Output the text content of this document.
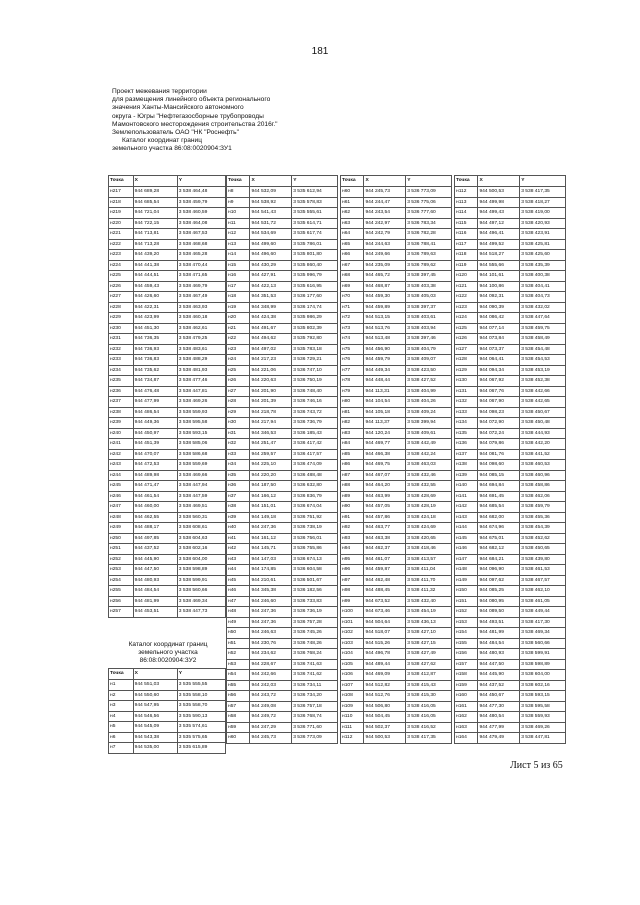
181
Проект межевания территории
для размещения линейного объекта регионального
значения Ханты-Мансийского автономного
округа - Югры "Нефтегазосборные трубопроводы
Мамонтовского месторождения строительства 2016г."
Землепользователь ОАО "НК "Роснефть"
Каталог координат границ
земельного участка 86:08:0020904:ЗУ1
Точка	X	Y
н217	944 689,28	3 538 464,48
н218	944 685,54	3 538 459,79
н219	944 721,04	3 538 460,59
н220	944 722,15	3 538 464,08
н221	944 713,81	3 538 467,53
н222	944 713,28	3 538 468,68
н223	944 439,20	3 538 465,28
н224	944 441,38	3 538 470,44
н225	944 444,51	3 538 471,65
н226	944 459,43	3 538 469,79
н227	944 426,60	3 538 467,49
н228	944 422,31	3 538 463,93
н229	944 423,99	3 538 460,18
н230	944 451,30	3 538 462,61
н231	944 736,35	3 538 479,25
н232	944 736,93	3 538 483,61
н233	944 736,83	3 538 488,29
н234	944 735,62	3 538 481,93
н235	944 734,87	3 538 477,46
н236	944 476,48	3 538 447,81
н237	944 477,99	3 538 469,26
н238	944 486,54	3 538 559,93
н239	944 449,36	3 538 595,58
н240	944 450,97	3 538 593,15
н241	944 451,39	3 538 585,06
н242	944 470,07	3 538 586,68
н243	944 472,53	3 538 559,69
н244	944 489,98	3 538 469,66
н245	944 471,47	3 538 447,94
н246	944 461,54	3 538 447,59
н247	944 460,00	3 538 469,51
н248	944 462,55	3 538 560,31
н249	944 488,17	3 538 608,61
н250	944 497,85	3 538 604,63
н251	944 437,52	3 538 602,16
н252	944 445,90	3 538 604,00
н253	944 447,50	3 538 598,89
н254	944 480,93	3 538 599,91
н255	944 484,54	3 538 560,66
н256	944 481,99	3 538 469,34
н257	944 453,51	3 538 447,73
Каталог координат границ
земельного участка
86:08:0020904:ЗУ2
Точка	X	Y
н1	944 551,03	3 535 555,55
н2	944 550,60	3 535 558,10
н3	944 547,95	3 535 558,70
н4	944 546,56	3 535 590,13
н5	944 545,09	3 535 574,61
н6	944 543,38	3 535 575,65
н7	944 535,00	3 535 615,89
Точка	X	Y
н8	944 532,09	3 535 612,94
н9	944 538,92	3 535 578,83
н10	944 541,43	3 535 555,61
н11	944 531,72	3 535 614,71
н12	944 534,69	3 535 617,74
н13	944 499,60	3 535 786,01
н14	944 496,60	3 535 801,80
н15	944 430,29	3 535 860,40
н16	944 427,91	3 535 996,79
н17	944 422,13	3 535 616,95
н18	944 351,53	3 536 177,60
н19	944 348,99	3 536 174,74
н20	944 424,38	3 535 986,29
н21	944 491,67	3 535 802,39
н22	944 494,62	3 535 792,80
н23	944 497,02	3 535 783,18
н24	944 217,23	3 536 729,21
н25	944 221,06	3 536 747,10
н26	944 220,63	3 536 750,19
н27	944 201,90	3 536 748,40
н28	944 201,39	3 536 746,16
н29	944 218,78	3 536 743,72
н30	944 217,94	3 536 736,79
н31	944 346,53	3 536 185,43
н32	944 251,47	3 536 417,42
н33	944 259,57	3 536 417,57
н34	944 225,10	3 536 474,09
н35	944 220,20	3 536 488,48
н36	944 187,50	3 536 632,80
н37	944 166,12	3 536 836,79
н38	944 151,01	3 536 674,04
н39	944 149,18	3 536 751,92
н40	944 247,36	3 536 738,19
н41	944 161,12	3 536 756,01
н42	944 145,71	3 536 755,86
н43	944 147,03	3 536 674,13
н44	944 174,85	3 536 604,58
н45	944 210,61	3 536 501,67
н46	944 345,38	3 536 182,56
н47	944 246,60	3 536 733,83
н48	944 247,36	3 536 736,19
н49	944 247,36	3 536 757,28
н50	944 246,63	3 536 745,26
н51	944 230,76	3 536 748,26
н52	944 234,62	3 536 768,24
н53	944 228,67	3 536 741,63
н54	944 242,66	3 536 741,62
н55	944 242,03	3 536 734,11
н56	944 243,72	3 536 734,20
н57	944 249,08	3 536 757,18
н58	944 249,72	3 536 768,74
н59	944 247,29	3 536 771,60
н60	944 245,73	3 536 773,09
Точка	X	Y
н60	944 245,73	3 536 773,09
н61	944 244,47	3 536 775,06
н62	944 243,54	3 536 777,60
н63	944 242,97	3 536 783,34
н64	944 242,79	3 536 782,28
н65	944 244,63	3 536 788,41
н66	944 249,66	3 536 789,63
н67	944 235,09	3 536 789,62
н68	944 465,72	3 538 397,45
н69	944 468,87	3 538 403,38
н70	944 459,30	3 538 405,03
н71	944 459,89	3 538 397,37
н72	944 513,15	3 538 403,61
н73	944 513,76	3 538 403,94
н74	944 513,48	3 538 397,46
н75	944 456,90	3 538 404,79
н76	944 459,79	3 538 409,07
н77	944 449,34	3 538 423,50
н78	944 448,44	3 538 427,52
н79	944 113,31	3 538 404,99
н80	944 104,54	3 538 404,26
н81	944 105,18	3 538 409,24
н82	944 113,37	3 538 399,94
н83	944 120,24	3 538 409,61
н84	944 469,77	3 538 442,49
н85	944 466,38	3 538 442,24
н86	944 469,75	3 538 463,03
н87	944 467,07	3 538 432,46
н88	944 464,20	3 538 432,55
н89	944 463,99	3 538 428,69
н90	944 457,05	3 538 428,19
н91	944 457,86	3 538 424,18
н92	944 463,77	3 538 424,69
н93	944 463,38	3 538 420,65
н94	944 462,37	3 538 418,46
н95	944 461,07	3 538 413,57
н96	944 459,87	3 538 411,04
н97	944 462,48	3 538 411,70
н98	944 488,45	3 538 411,32
н99	944 673,52	3 538 432,40
н100	944 673,46	3 538 454,19
н101	944 504,64	3 538 436,13
н102	944 518,07	3 538 427,10
н103	944 515,26	3 538 427,15
н104	944 496,78	3 538 427,49
н105	944 489,44	3 538 427,62
н106	944 469,09	3 538 412,87
н107	944 512,82	3 538 415,43
н108	944 512,76	3 538 415,30
н109	944 506,80	3 538 416,05
н110	944 504,45	3 538 416,05
н111	944 502,37	3 538 416,52
н112	944 500,53	3 538 417,35
Точка	X	Y
н112	944 500,53	3 538 417,35
н113	944 499,98	3 538 418,27
н114	944 499,43	3 538 419,00
н115	944 497,12	3 538 420,93
н116	944 496,41	3 538 423,91
н117	944 499,52	3 538 425,81
н118	944 518,27	3 538 425,60
н119	944 555,66	3 538 435,39
н120	944 101,61	3 538 400,38
н121	944 100,86	3 538 404,41
н122	944 092,31	3 538 404,73
н123	944 090,39	3 538 432,02
н124	944 086,42	3 538 447,64
н125	944 077,14	3 538 459,75
н126	944 073,84	3 538 458,49
н127	944 073,37	3 538 454,48
н128	944 064,41	3 538 454,53
н129	944 094,34	3 538 453,19
н130	944 067,92	3 538 452,38
н131	944 067,76	3 538 442,66
н132	944 067,90	3 538 442,65
н133	944 098,23	3 538 450,67
н134	944 072,90	3 538 450,48
н135	944 072,24	3 538 444,93
н136	944 079,86	3 538 442,20
н137	944 081,76	3 538 441,52
н138	944 098,60	3 538 460,53
н139	944 085,15	3 538 460,96
н140	944 694,84	3 538 458,86
н141	944 691,45	3 538 462,06
н142	944 685,54	3 538 459,79
н143	944 682,00	3 538 455,36
н144	944 674,96	3 538 454,39
н145	944 675,01	3 538 452,62
н146	944 682,12	3 538 450,65
н147	944 684,21	3 538 439,80
н148	944 096,90	3 538 461,53
н149	944 097,62	3 538 467,57
н150	944 085,25	3 538 462,10
н151	944 080,95	3 538 461,05
н152	944 089,50	3 538 449,44
н153	944 493,51	3 538 417,30
н154	944 481,99	3 538 469,34
н155	944 484,54	3 538 560,66
н156	944 480,93	3 538 599,91
н157	944 447,50	3 538 598,89
н158	944 445,90	3 538 604,00
н159	944 437,52	3 538 602,16
н160	944 450,67	3 538 593,15
н161	944 477,30	3 538 595,58
н162	944 480,54	3 538 559,93
н163	944 477,99	3 538 469,26
н164	944 479,49	3 538 447,81
Лист 5 из 65
